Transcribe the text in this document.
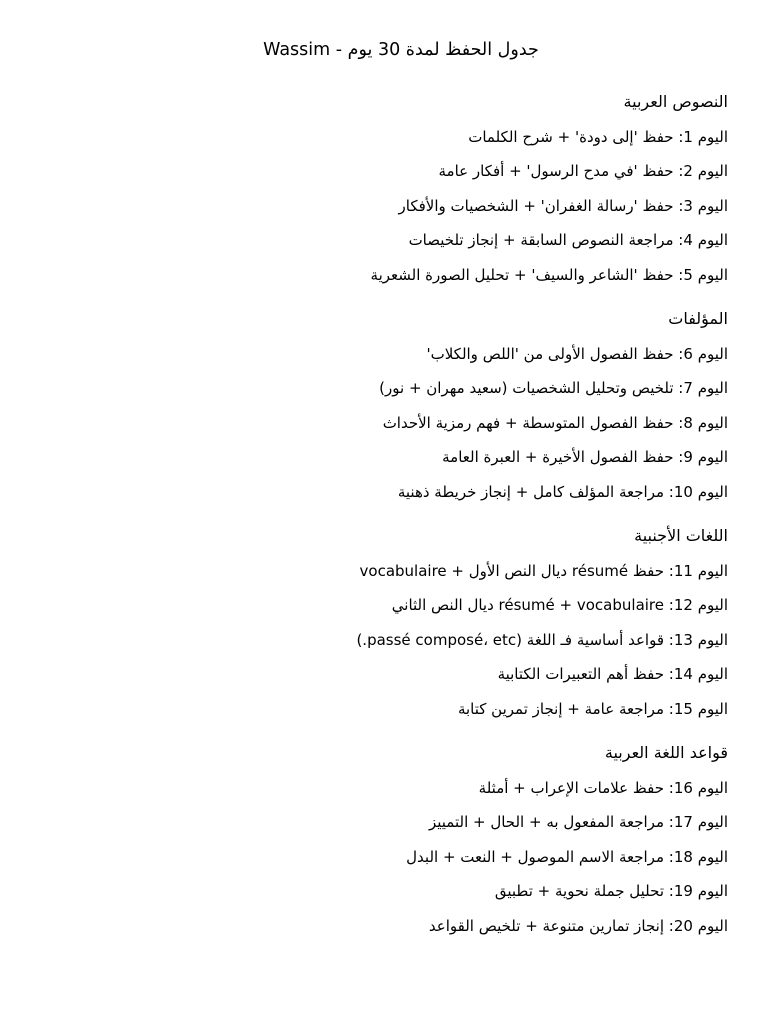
جدول الحفظ لمدة 30 يوم - Wassim
النصوص العربية
اليوم 1: حفظ 'إلى دودة' + شرح الكلمات
اليوم 2: حفظ 'في مدح الرسول' + أفكار عامة
اليوم 3: حفظ 'رسالة الغفران' + الشخصيات والأفكار
اليوم 4: مراجعة النصوص السابقة + إنجاز تلخيصات
اليوم 5: حفظ 'الشاعر والسيف' + تحليل الصورة الشعرية
المؤلفات
اليوم 6: حفظ الفصول الأولى من 'اللص والكلاب'
اليوم 7: تلخيص وتحليل الشخصيات (سعيد مهران + نور)
اليوم 8: حفظ الفصول المتوسطة + فهم رمزية الأحداث
اليوم 9: حفظ الفصول الأخيرة + العبرة العامة
اليوم 10: مراجعة المؤلف كامل + إنجاز خريطة ذهنية
اللغات الأجنبية
اليوم 11: حفظ résumé ديال النص الأول + vocabulaire
اليوم 12: résumé + vocabulaire ديال النص الثاني
اليوم 13: قواعد أساسية فـ اللغة (passé composé، etc.)
اليوم 14: حفظ أهم التعبيرات الكتابية
اليوم 15: مراجعة عامة + إنجاز تمرين كتابة
قواعد اللغة العربية
اليوم 16: حفظ علامات الإعراب + أمثلة
اليوم 17: مراجعة المفعول به + الحال + التمييز
اليوم 18: مراجعة الاسم الموصول + النعت + البدل
اليوم 19: تحليل جملة نحوية + تطبيق
اليوم 20: إنجاز تمارين متنوعة + تلخيص القواعد
